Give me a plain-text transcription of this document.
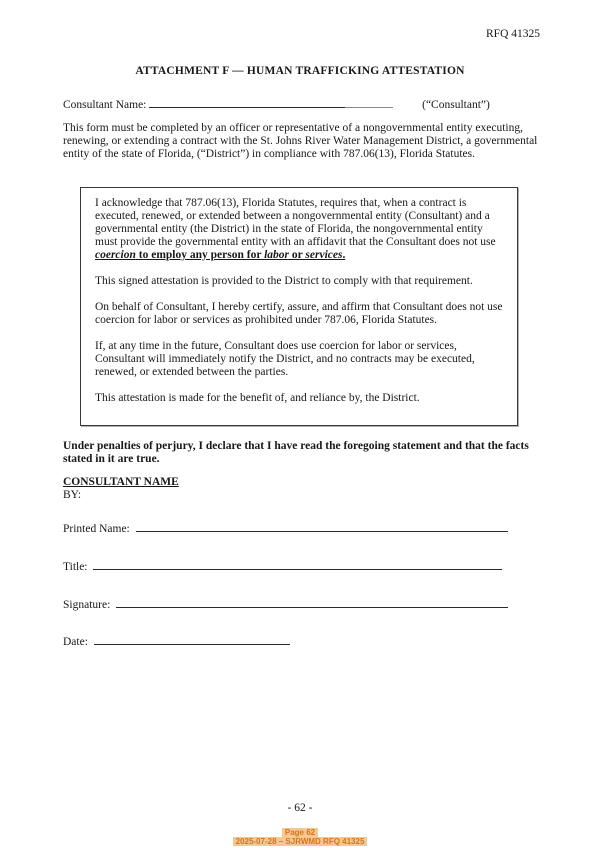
RFQ 41325
ATTACHMENT F — HUMAN TRAFFICKING ATTESTATION
Consultant Name:	(“Consultant”)
This form must be completed by an officer or representative of a nongovernmental entity executing, renewing, or extending a contract with the St. Johns River Water Management District, a governmental entity of the state of Florida, (“District”) in compliance with 787.06(13), Florida Statutes.

I acknowledge that 787.06(13), Florida Statutes, requires that, when a contract is executed, renewed, or extended between a nongovernmental entity (Consultant) and a governmental entity (the District) in the state of Florida, the nongovernmental entity must provide the governmental entity with an affidavit that the Consultant does not use coercion to employ any person for labor or services.

This signed attestation is provided to the District to comply with that requirement.

On behalf of Consultant, I hereby certify, assure, and affirm that Consultant does not use coercion for labor or services as prohibited under 787.06, Florida Statutes.

If, at any time in the future, Consultant does use coercion for labor or services, Consultant will immediately notify the District, and no contracts may be executed, renewed, or extended between the parties.

This attestation is made for the benefit of, and reliance by, the District.

Under penalties of perjury, I declare that I have read the foregoing statement and that the facts stated in it are true.
CONSULTANT NAME
BY:
Printed Name:
Title:
Signature:
Date:
- 62 -
Page 62
2025-07-28 – SJRWMD RFQ 41325
